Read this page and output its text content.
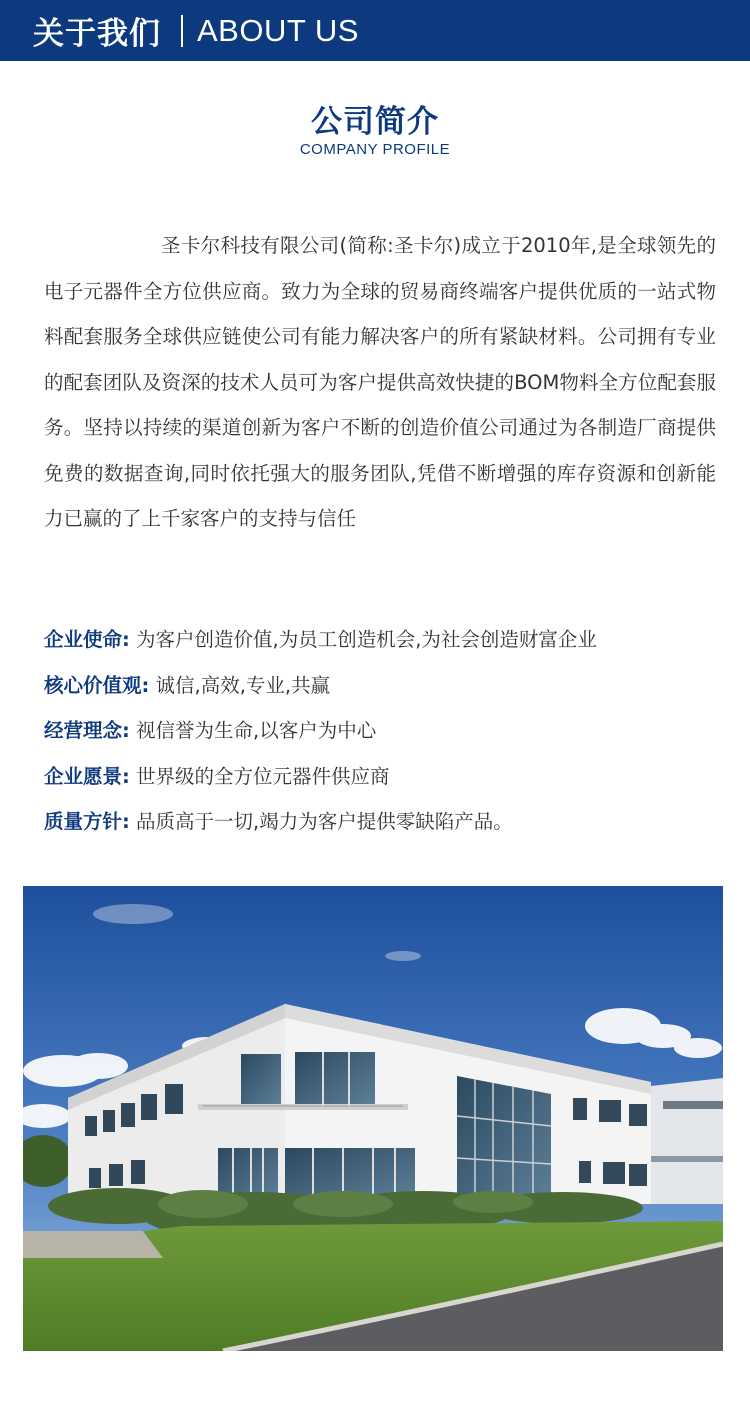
关于我们 ABOUT US
公司简介
COMPANY PROFILE

圣卡尔科技有限公司(简称:圣卡尔)成立于2010年,是全球领先的电子元器件全方位供应商。致力为全球的贸易商终端客户提供优质的一站式物料配套服务全球供应链使公司有能力解决客户的所有紧缺材料。公司拥有专业的配套团队及资深的技术人员可为客户提供高效快捷的BOM物料全方位配套服务。坚持以持续的渠道创新为客户不断的创造价值公司通过为各制造厂商提供免费的数据查询,同时依托强大的服务团队,凭借不断增强的库存资源和创新能力已赢的了上千家客户的支持与信任

企业使命: 为客户创造价值,为员工创造机会,为社会创造财富企业
核心价值观: 诚信,高效,专业,共赢
经营理念: 视信誉为生命,以客户为中心
企业愿景: 世界级的全方位元器件供应商
质量方针: 品质高于一切,竭力为客户提供零缺陷产品。
